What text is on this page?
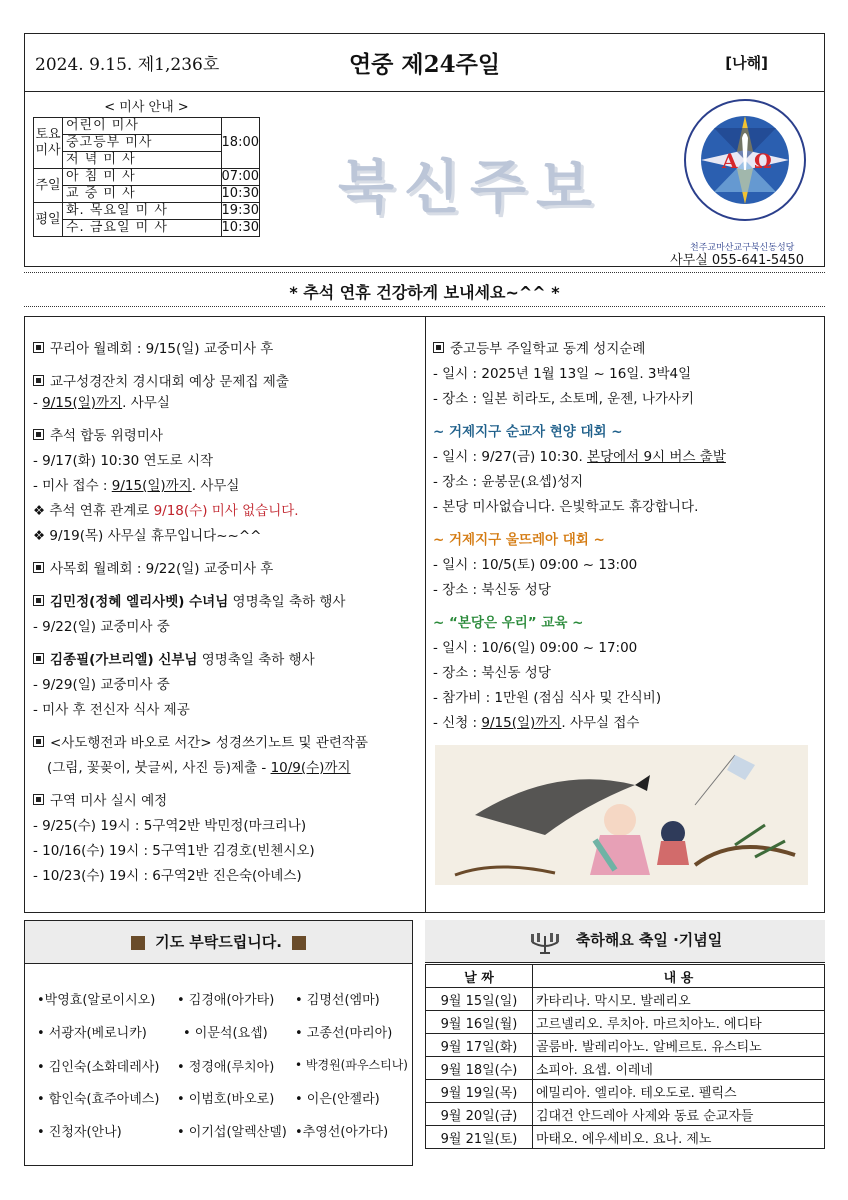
2024. 9.15. 제1,236호	연중 제24주일	[나해]
< 미사 안내 >
토요미사	어린이 미사	18:00
	중고등부 미사	
	저 녁 미 사	
주일	아 침 미 사	07:00
	교 중 미 사	10:30
평일	화. 목요일 미 사	19:30
	수. 금요일 미 사	10:30
북신주보	A Ω
천주교마산교구북신동성당
사무실 055-641-5450
* 추석 연휴 건강하게 보내세요~^^ *
꾸리아 월례회 : 9/15(일) 교중미사 후
교구성경잔치 경시대회 예상 문제집 제출
- 9/15(일)까지. 사무실
추석 합동 위령미사
- 9/17(화) 10:30 연도로 시작
- 미사 접수 : 9/15(일)까지. 사무실
❖ 추석 연휴 관계로 9/18(수) 미사 없습니다.
❖ 9/19(목) 사무실 휴무입니다~~^^
사목회 월례회 : 9/22(일) 교중미사 후
김민정(정혜 엘리사벳) 수녀님 영명축일 축하 행사
- 9/22(일) 교중미사 중
김종필(가브리엘) 신부님 영명축일 축하 행사
- 9/29(일) 교중미사 중
- 미사 후 전신자 식사 제공
<사도행전과 바오로 서간> 성경쓰기노트 및 관련작품
(그림, 꽃꽂이, 붓글씨, 사진 등)제출 - 10/9(수)까지
구역 미사 실시 예정
- 9/25(수) 19시 : 5구역2반 박민정(마크리나)
- 10/16(수) 19시 : 5구역1반 김경호(빈첸시오)
- 10/23(수) 19시 : 6구역2반 진은숙(아녜스)
중고등부 주일학교 동계 성지순례
- 일시 : 2025년 1월 13일 ~ 16일. 3박4일
- 장소 : 일본 히라도, 소토메, 운젠, 나가사키
~ 거제지구 순교자 현양 대회 ~
- 일시 : 9/27(금) 10:30. 본당에서 9시 버스 출발
- 장소 : 윤봉문(요셉)성지
- 본당 미사없습니다. 은빛학교도 휴강합니다.
~ 거제지구 울뜨레아 대회 ~
- 일시 : 10/5(토) 09:00 ~ 13:00
- 장소 : 북신동 성당
~ “본당은 우리” 교육 ~
- 일시 : 10/6(일) 09:00 ~ 17:00
- 장소 : 북신동 성당
- 참가비 : 1만원 (점심 식사 및 간식비)
- 신청 : 9/15(일)까지. 사무실 접수
기도 부탁드립니다.
•박영효(알로이시오) • 김경애(아가타) • 김명선(엠마)
• 서광자(베로니카)	• 이문석(요셉) • 고종선(마리아)
• 김인숙(소화데레사) • 정경애(루치아) • 박경원(파우스티나)
• 함인숙(효주아녜스) • 이범호(바오로) • 이은(안젤라)
• 진청자(안나)	• 이기섭(알렉산델) •추영선(아가다)
축하해요 축일 ·기념일
날 짜	내 용
9월 15일(일)	카타리나. 막시모. 발레리오
9월 16일(월)	고르넬리오. 루치아. 마르치아노. 에디타
9월 17일(화)	골룸바. 발레리아노. 알베르토. 유스티노
9월 18일(수)	소피아. 요셉. 이레네
9월 19일(목)	에밀리아. 엘리야. 테오도로. 펠릭스
9월 20일(금)	김대건 안드레아 사제와 동료 순교자들
9월 21일(토)	마태오. 에우세비오. 요나. 제노
